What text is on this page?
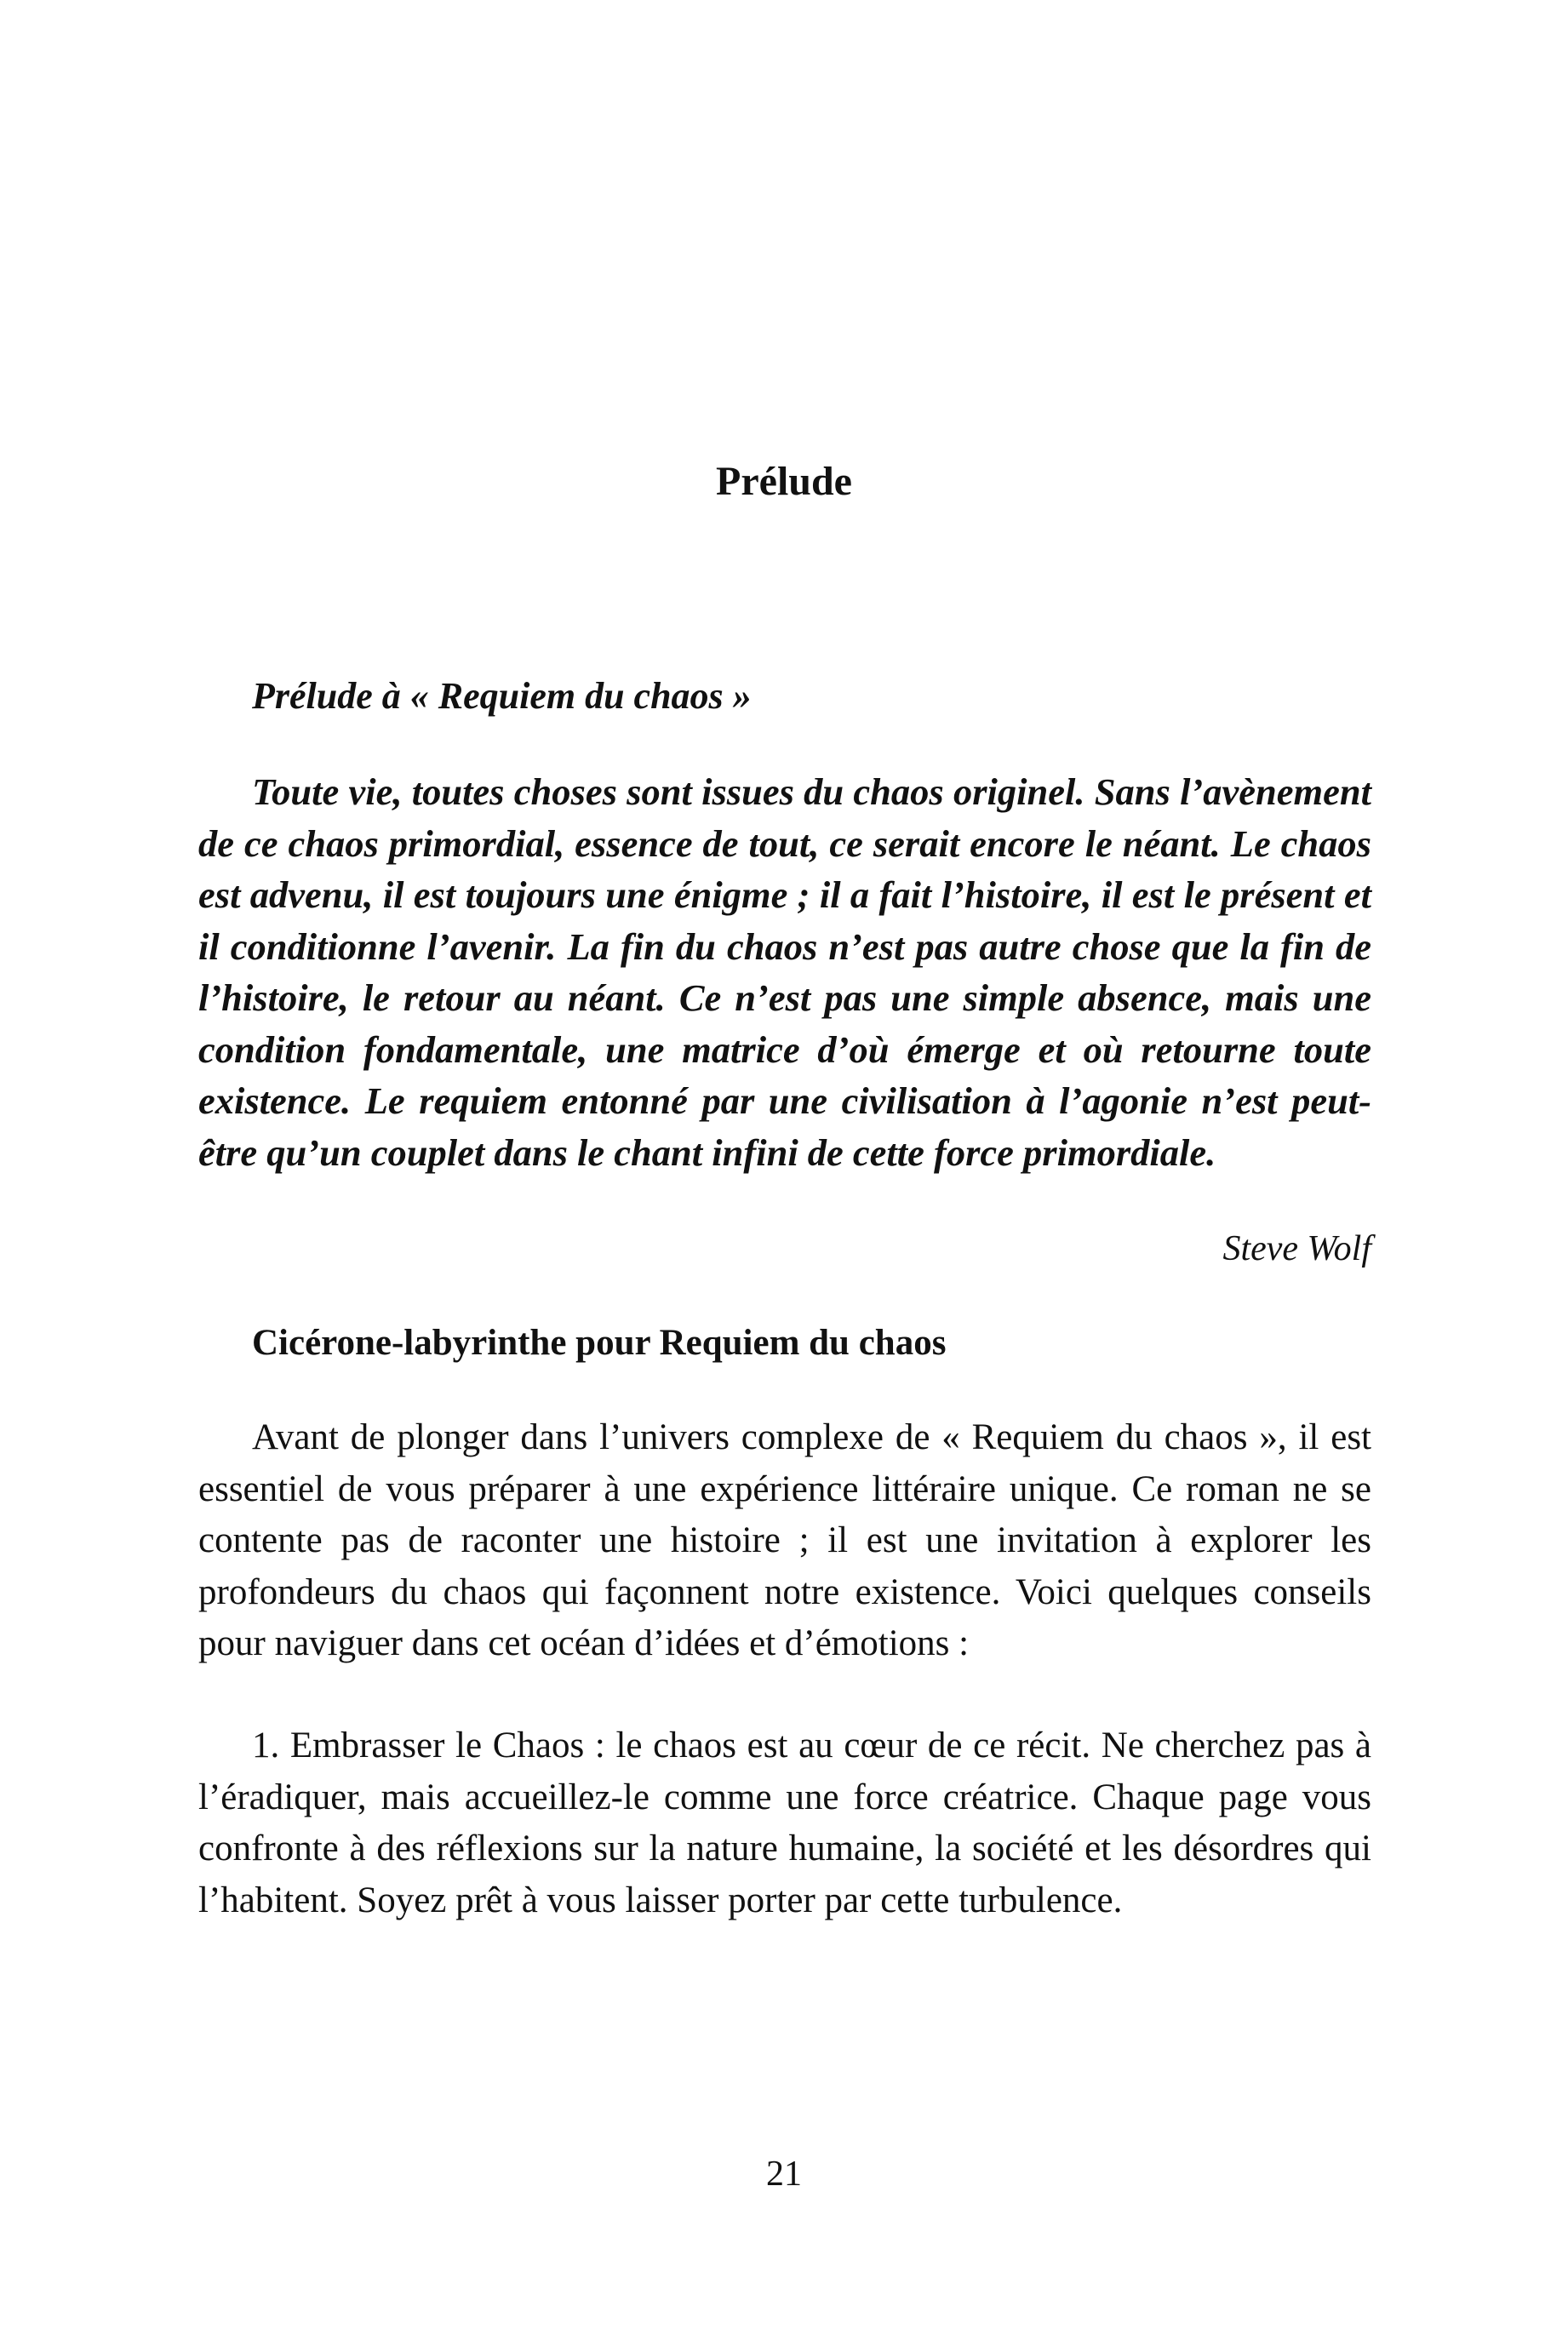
Prélude
Prélude à « Requiem du chaos »

Toute vie, toutes choses sont issues du chaos originel. Sans l’avènement de ce chaos primordial, essence de tout, ce serait encore le néant. Le chaos est advenu, il est toujours une énigme ; il a fait l’histoire, il est le présent et il conditionne l’avenir. La fin du chaos n’est pas autre chose que la fin de l’histoire, le retour au néant. Ce n’est pas une simple absence, mais une condition fondamentale, une matrice d’où émerge et où retourne toute existence. Le requiem entonné par une civilisation à l’agonie n’est peut-être qu’un couplet dans le chant infini de cette force primordiale.

Steve Wolf
Cicérone-labyrinthe pour Requiem du chaos

Avant de plonger dans l’univers complexe de « Requiem du chaos », il est essentiel de vous préparer à une expérience littéraire unique. Ce roman ne se contente pas de raconter une histoire ; il est une invitation à explorer les profondeurs du chaos qui façonnent notre existence. Voici quelques conseils pour naviguer dans cet océan d’idées et d’émotions :

1. Embrasser le Chaos : le chaos est au cœur de ce récit. Ne cherchez pas à l’éradiquer, mais accueillez-le comme une force créatrice. Chaque page vous confronte à des réflexions sur la nature humaine, la société et les désordres qui l’habitent. Soyez prêt à vous laisser porter par cette turbulence.

21
